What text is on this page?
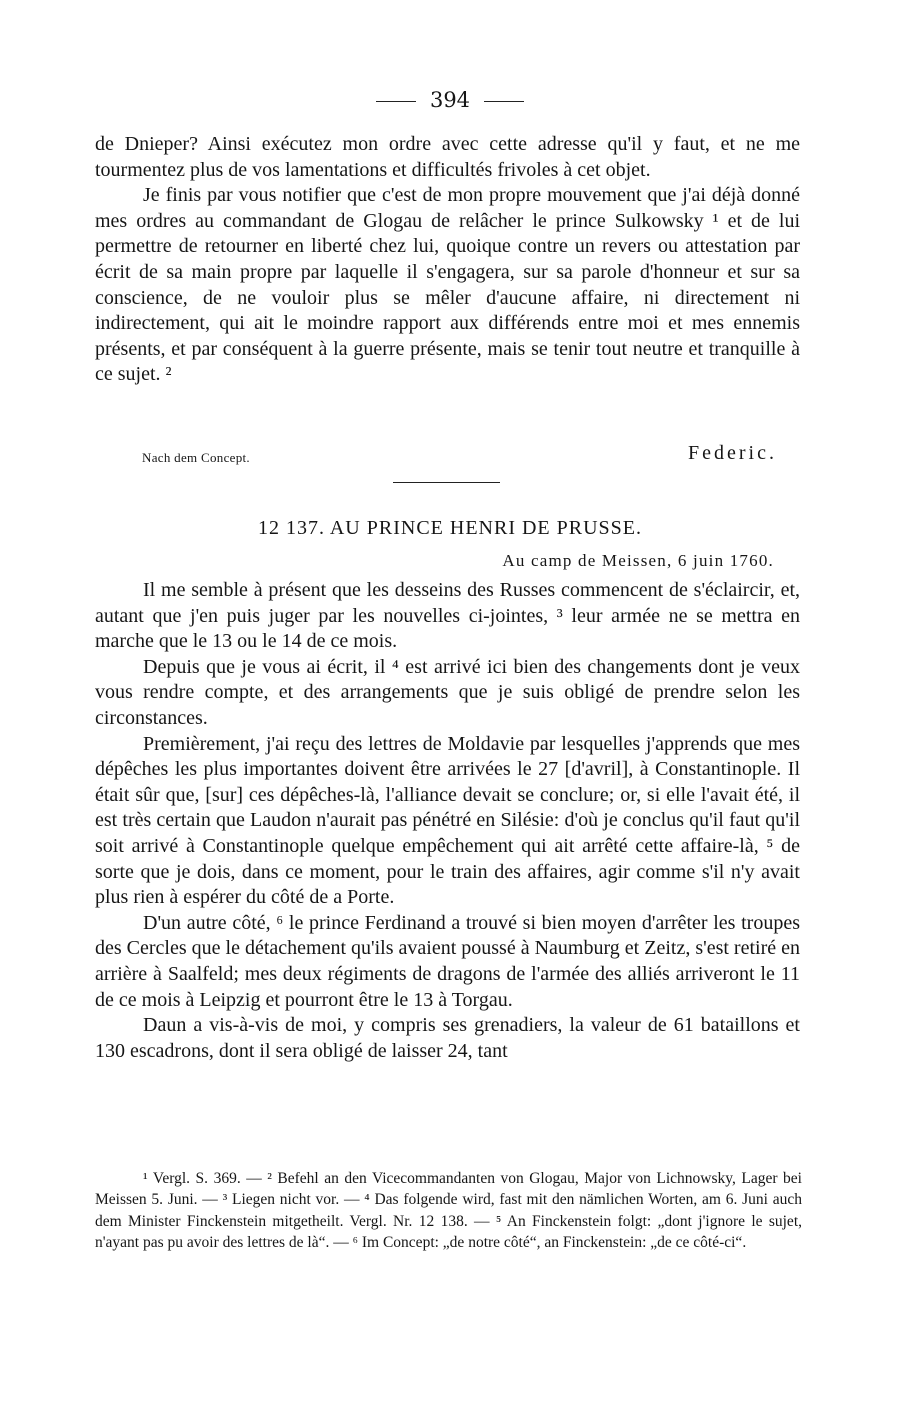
394

de Dnieper? Ainsi exécutez mon ordre avec cette adresse qu'il y faut, et ne me tourmentez plus de vos lamentations et difficultés frivoles à cet objet.

Je finis par vous notifier que c'est de mon propre mouvement que j'ai déjà donné mes ordres au commandant de Glogau de relâcher le prince Sulkowsky ¹ et de lui permettre de retourner en liberté chez lui, quoique contre un revers ou attestation par écrit de sa main propre par laquelle il s'engagera, sur sa parole d'honneur et sur sa conscience, de ne vouloir plus se mêler d'aucune affaire, ni directement ni indirectement, qui ait le moindre rapport aux différends entre moi et mes ennemis présents, et par conséquent à la guerre présente, mais se tenir tout neutre et tranquille à ce sujet. ²

Nach dem Concept.	Federic.
12 137. AU PRINCE HENRI DE PRUSSE.
Au camp de Meissen, 6 juin 1760.

Il me semble à présent que les desseins des Russes commencent de s'éclaircir, et, autant que j'en puis juger par les nouvelles ci-jointes, ³ leur armée ne se mettra en marche que le 13 ou le 14 de ce mois.

Depuis que je vous ai écrit, il ⁴ est arrivé ici bien des changements dont je veux vous rendre compte, et des arrangements que je suis obligé de prendre selon les circonstances.

Premièrement, j'ai reçu des lettres de Moldavie par lesquelles j'apprends que mes dépêches les plus importantes doivent être arrivées le 27 [d'avril], à Constantinople. Il était sûr que, [sur] ces dépêches-là, l'alliance devait se conclure; or, si elle l'avait été, il est très certain que Laudon n'aurait pas pénétré en Silésie: d'où je conclus qu'il faut qu'il soit arrivé à Constantinople quelque empêchement qui ait arrêté cette affaire-là, ⁵ de sorte que je dois, dans ce moment, pour le train des affaires, agir comme s'il n'y avait plus rien à espérer du côté de a Porte.

D'un autre côté, ⁶ le prince Ferdinand a trouvé si bien moyen d'arrêter les troupes des Cercles que le détachement qu'ils avaient poussé à Naumburg et Zeitz, s'est retiré en arrière à Saalfeld; mes deux régiments de dragons de l'armée des alliés arriveront le 11 de ce mois à Leipzig et pourront être le 13 à Torgau.

Daun a vis-à-vis de moi, y compris ses grenadiers, la valeur de 61 bataillons et 130 escadrons, dont il sera obligé de laisser 24, tant

¹ Vergl. S. 369. — ² Befehl an den Vicecommandanten von Glogau, Major von Lichnowsky, Lager bei Meissen 5. Juni. — ³ Liegen nicht vor. — ⁴ Das folgende wird, fast mit den nämlichen Worten, am 6. Juni auch dem Minister Finckenstein mitgetheilt. Vergl. Nr. 12 138. — ⁵ An Finckenstein folgt: „dont j'ignore le sujet, n'ayant pas pu avoir des lettres de là“. — ⁶ Im Concept: „de notre côté“, an Finckenstein: „de ce côté-ci“.
